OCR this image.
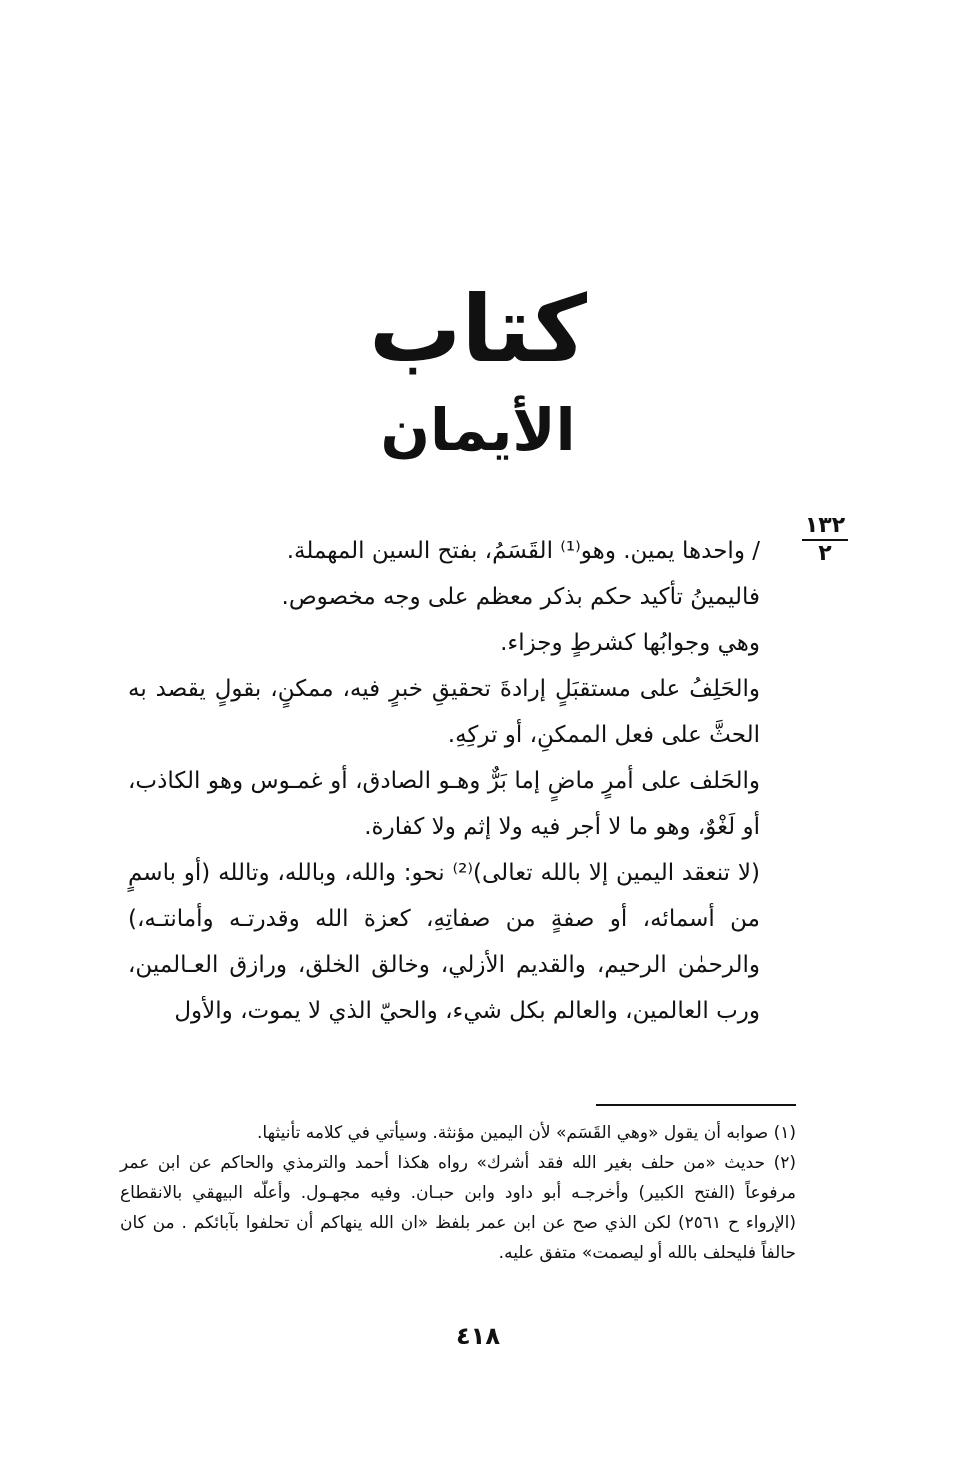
كتاب
الأيمان
١٣٢
٢

/ واحدها يمين. وهو⁽¹⁾ القَسَمُ، بفتح السين المهملة.

فاليمينُ تأكيد حكم بذكر معظم على وجه مخصوص.

وهي وجوابُها كشرطٍ وجزاء.

والحَلِفُ على مستقبَلٍ إرادةَ تحقيقِ خبرٍ فيه، ممكنٍ، بقولٍ يقصد به الحثَّ على فعل الممكنِ، أو تركِهِ.

والحَلف على أمرٍ ماضٍ إما بَرٌّ وهـو الصادق، أو غمـوس وهو الكاذب، أو لَغْوٌ، وهو ما لا أجر فيه ولا إثم ولا كفارة.

(لا تنعقد اليمين إلا بالله تعالى)⁽²⁾ نحو: والله، وبالله، وتالله (أو باسمٍ من أسمائه، أو صفةٍ من صفاتِهِ، كعزة الله وقدرتـه وأمانتـه،) والرحمٰن الرحيم، والقديم الأزلي، وخالق الخلق، ورازق العـالمين، ورب العالمين، والعالم بكل شيء، والحيّ الذي لا يموت، والأول

(١) صوابه أن يقول «وهي القَسَم» لأن اليمين مؤنثة. وسيأتي في كلامه تأنيثها.

(٢) حديث «من حلف بغير الله فقد أشرك» رواه هكذا أحمد والترمذي والحاكم عن ابن عمر مرفوعاً (الفتح الكبير) وأخرجـه أبو داود وابن حبـان. وفيه مجهـول. وأعلّه البيهقي بالانقطاع (الإرواء ح ٢٥٦١) لكن الذي صح عن ابن عمر بلفظ «ان الله ينهاكم أن تحلفوا بآبائكم . من كان حالفاً فليحلف بالله أو ليصمت» متفق عليه.

٤١٨
